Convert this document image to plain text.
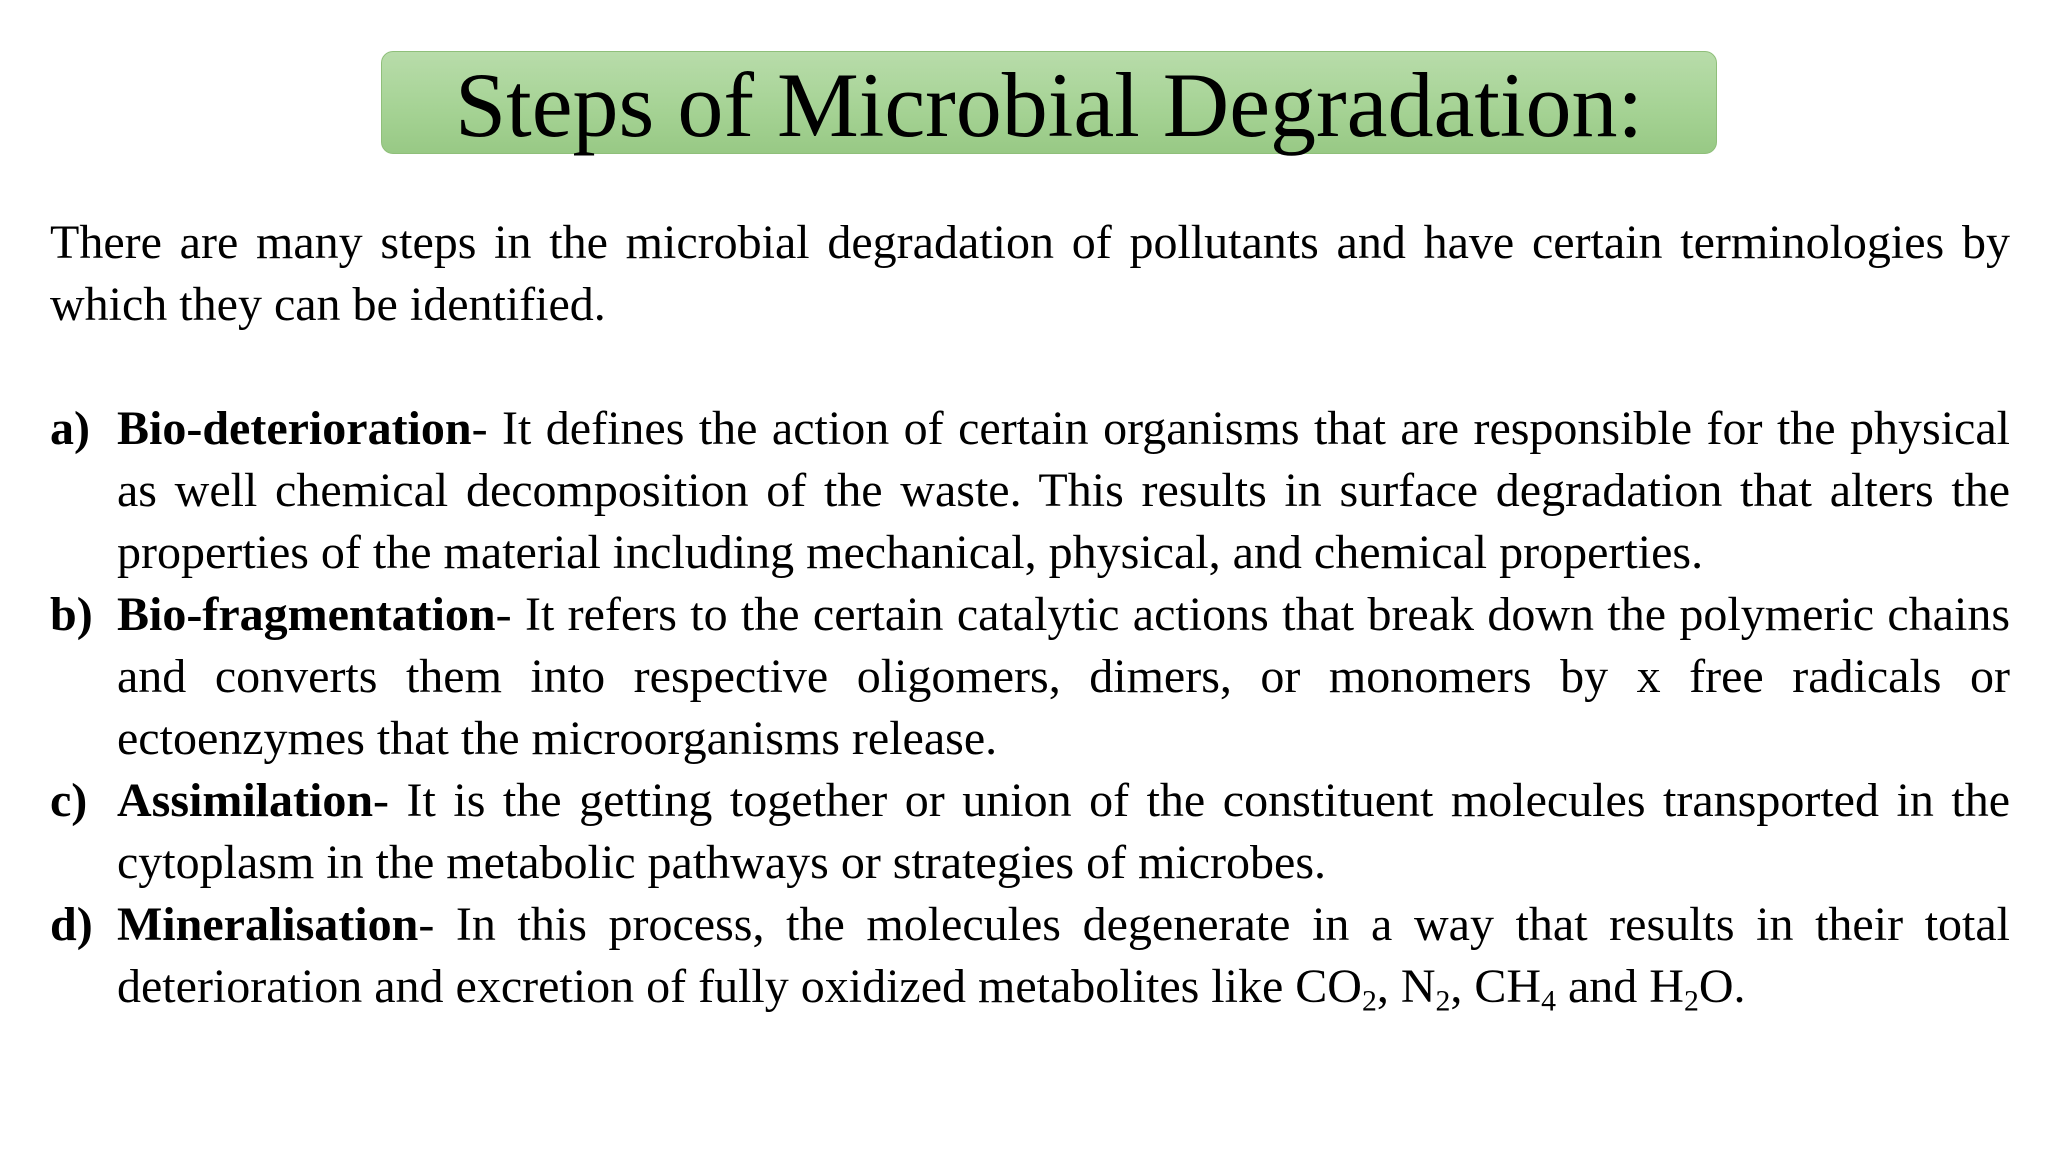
Steps of Microbial Degradation:

There are many steps in the microbial degradation of pollutants and have certain terminologies by which they can be identified.

a) Bio-deterioration- It defines the action of certain organisms that are responsible for the physical as well chemical decomposition of the waste. This results in surface degradation that alters the properties of the material including mechanical, physical, and chemical properties.
b) Bio-fragmentation- It refers to the certain catalytic actions that break down the polymeric chains and converts them into respective oligomers, dimers, or monomers by x free radicals or ectoenzymes that the microorganisms release.
c) Assimilation- It is the getting together or union of the constituent molecules transported in the cytoplasm in the metabolic pathways or strategies of microbes.
d) Mineralisation- In this process, the molecules degenerate in a way that results in their total deterioration and excretion of fully oxidized metabolites like $CO_2$, $N_2$, $CH_4$ and $H_2O$.
